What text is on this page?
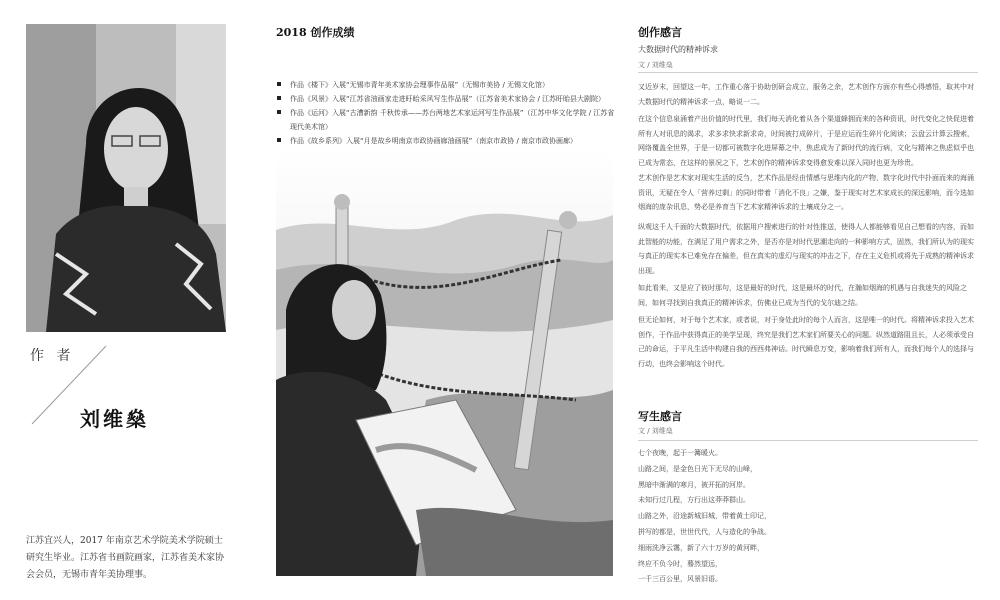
作 者
刘维燊
江苏宜兴人，2017 年南京艺术学院美术学院硕士研究生毕业。江苏省书画院画家，江苏省美术家协会会员，无锡市青年美协理事。
2018 创作成绩
作品《楼下》入展“无锡市青年美术家协会理事作品展”（无锡市美协 / 无锡文化馆）
作品《风景》入展“江苏省油画家走进盱眙采风写生作品展”（江苏省美术家协会 / 江苏盱眙县大剧院）
作品《运河》入展“古漕新韵 千秋传承——苏台两地艺术家运河写生作品展”（江苏中华文化学院 / 江苏省现代美术馆）
作品《故乡系列》入展“月是故乡明南京市政协画廊油画展”（南京市政协 / 南京市政协画廊）
创作感言
大数据时代的精神诉求
文 / 刘维燊

又近岁末，回望这一年，工作重心落于协助创研会成立，服务之余，艺术创作方面亦有些心得感悟，取其中对大数据时代的精神诉求一点，略说一二。

在这个信息泉涌着产出价值的时代里，我们每天消化着从各个渠道蜂拥而来的各种资讯，时代变化之快促进着所有人对讯息的渴求，求多求快求新求奇，时间被打成碎片，于是应运而生碎片化阅读；云盘云计算云搜索，网络覆盖全世界，于是一切都可被数字化进屏幕之中，焦虑成为了新时代的流行病，文化与精神之焦虑似乎也已成为常态，在这样的景况之下，艺术创作的精神诉求变得愈发难以深入同时也更为珍贵。

艺术创作是艺术家对现实生活的反刍，艺术作品是经由情感与思维内化的产物，数字化时代中扑面而来的海涌资讯，无疑在令人「营养过剩」的同时带着「消化不良」之嫌，鉴于现实对艺术家成长的深远影响，而今选如烟海的庞杂讯息，势必是养育当下艺术家精神诉求的土壤成分之一。

纵观这千人千面的大数据时代，依据用户搜索进行的针对性推送，使得人人都能够看见自己想看的内容，而如此智能的功能，在满足了用户需求之外，是否亦是对时代思潮走向的一种影响方式，固然，我们所认为的现实与真正的现实本已难免存在偏差，但在真实的虚幻与现实的冲击之下，存在主义危机或将先于成熟的精神诉求出现。

如此看来，又是应了彼时那句，这是最好的时代，这是最坏的时代，在瀚如烟海的机遇与自我迷失的风险之间，如何寻找到自我真正的精神诉求，仿佛业已成为当代的戈尔迪之结。

但无论如何，对于每个艺术家，或者说，对于身处此时的每个人而言，这是唯一的时代。将精神诉求投入艺术创作，于作品中获得真正的美学呈现，终究是我们艺术家们所要关心的问题。纵然道路阻且长，人必须承受自己的命运，于平凡生活中构建自我的西西弗神话。时代瞬息万变，影响着我们所有人，而我们每个人的选择与行动，也终会影响这个时代。

写生感言
文 / 刘维燊
七个夜晚，起于一篝暖火。
山路之间，是金色日光下无尽的山峰，
黑暗中渐满的寒月，被开拓的河岸。
未知行过几程，方行出这莽莽群山。
山路之外，沿途新城旧城，带着黄土印记，
拼写的都是，世世代代，人与造化的争战。
细雨洗净云霭，新了六十万岁的黄河畔，
终应不负今时，蓦然望远，
一千三百公里，风景旧语。
